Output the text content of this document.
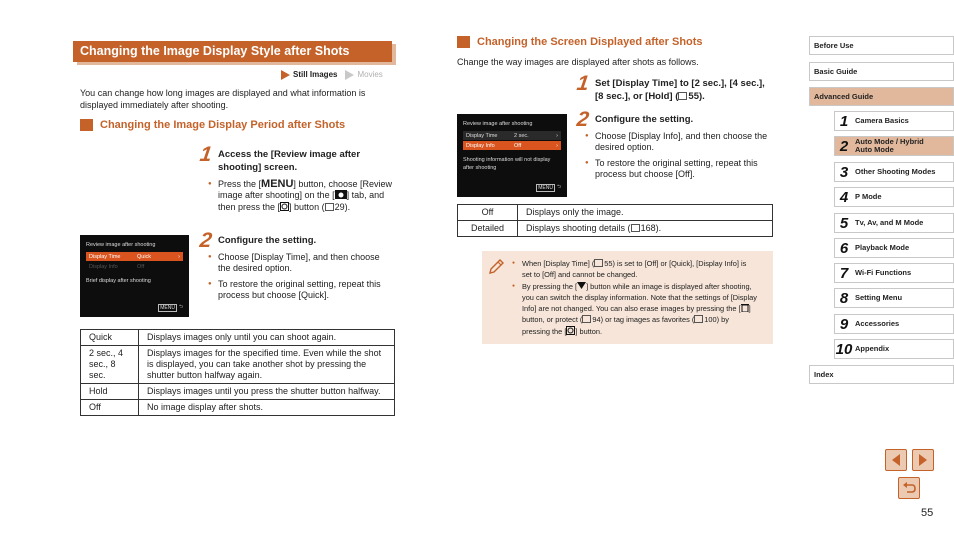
Changing the Image Display Style after Shots
Still Images	Movies

You can change how long images are displayed and what information is displayed immediately after shooting.

Changing the Image Display Period after Shots
1 Access the [Review image after shooting] screen.
● Press the [MENU] button, choose [Review image after shooting] on the [ ] tab, and then press the [ ] button ( 29).
Review image after shooting
Display Time	Quick	›
Display Info	Off
Brief display after shooting
MENU ⮌
2 Configure the setting.
● Choose [Display Time], and then choose the desired option.
● To restore the original setting, repeat this process but choose [Quick].
Quick	Displays images only until you can shoot again.
2 sec., 4 sec., 8 sec.	Displays images for the specified time. Even while the shot is displayed, you can take another shot by pressing the shutter button halfway again.
Hold	Displays images until you press the shutter button halfway.
Off	No image display after shots.
Changing the Screen Displayed after Shots

Change the way images are displayed after shots as follows.

1 Set [Display Time] to [2 sec.], [4 sec.], [8 sec.], or [Hold] ( 55).
Review image after shooting
Display Time	2 sec.	›
Display Info	Off	›
Shooting information will not display after shooting
MENU ⮌
2 Configure the setting.
● Choose [Display Info], and then choose the desired option.
● To restore the original setting, repeat this process but choose [Off].
Off	Displays only the image.
Detailed	Displays shooting details ( 168).
● When [Display Time] ( 55) is set to [Off] or [Quick], [Display Info] is set to [Off] and cannot be changed.
● By pressing the [ ] button while an image is displayed after shooting, you can switch the display information. Note that the settings of [Display Info] are not changed. You can also erase images by pressing the [ ] button, or protect ( 94) or tag images as favorites ( 100) by pressing the [ ] button.
Before Use
Basic Guide
Advanced Guide
1 Camera Basics
2 Auto Mode / Hybrid Auto Mode
3 Other Shooting Modes
4 P Mode
5 Tv, Av, and M Mode
6 Playback Mode
7 Wi-Fi Functions
8 Setting Menu
9 Accessories
10 Appendix
Index
55
